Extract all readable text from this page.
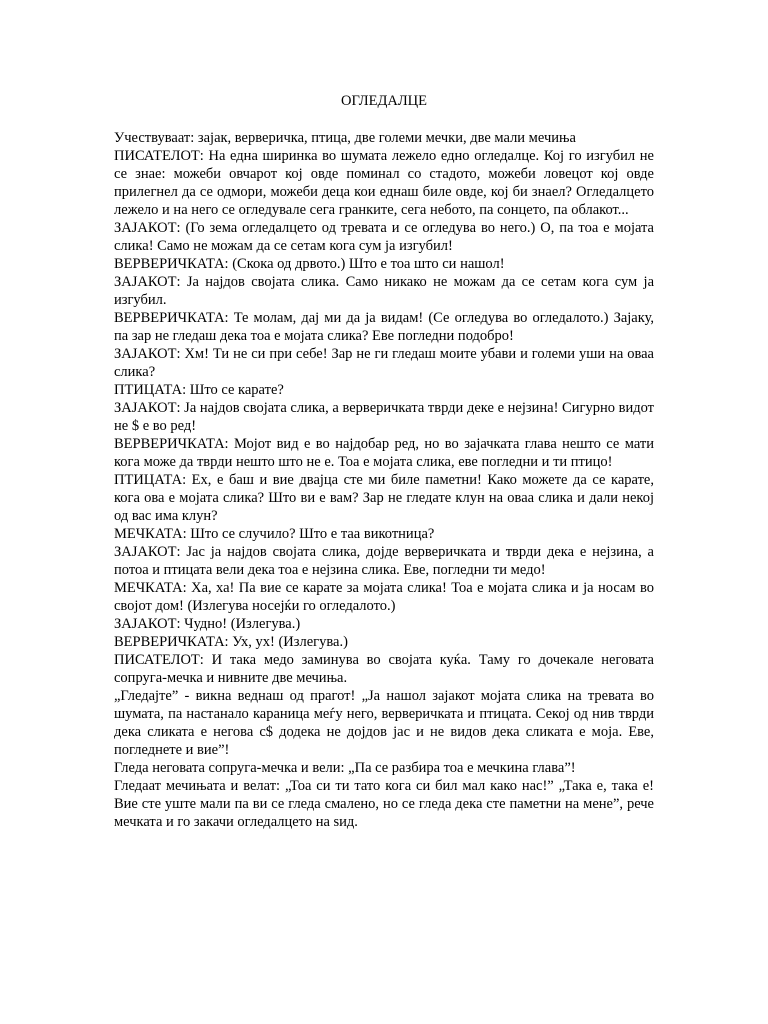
ОГЛЕДАЛЦЕ

Учествуваат: зајак, верверичка, птица, две големи мечки, две мали мечиња

ПИСАТЕЛОТ: На една ширинка во шумата лежело едно огледалце. Кој го изгубил не се знае: можеби овчарот кој овде поминал со стадото, можеби ловецот кој овде прилегнел да се одмори, можеби деца кои еднаш биле овде, кој би знаел? Огледалцето лежело и на него се огледувале сега гранките, сега небото, па сонцето, па облакот...

ЗАЈАКОТ: (Го зема огледалцето од тревата и се огледува во него.) О, па тоа е мојата слика! Само не можам да се сетам кога сум ја изгубил!

ВЕРВЕРИЧКАТА: (Скока од дрвото.) Што е тоа што си нашол!

ЗАЈАКОТ: Ја најдов својата слика. Само никако не можам да се сетам кога сум ја изгубил.

ВЕРВЕРИЧКАТА: Те молам, дај ми да ја видам! (Се огледува во огледалото.) Зајаку, па зар не гледаш дека тоа е мојата слика? Еве погледни подобро!

ЗАЈАКОТ: Хм! Ти не си при себе! Зар не ги гледаш моите убави и големи уши на оваа слика?

ПТИЦАТА: Што се карате?

ЗАЈАКОТ: Ја најдов својата слика, а верверичката тврди деке е нејзина! Сигурно видот не $ е во ред!

ВЕРВЕРИЧКАТА: Мојот вид е во најдобар ред, но во зајачката глава нешто се мати кога може да тврди нешто што не е. Тоа е мојата слика, еве погледни и ти птицо!

ПТИЦАТА: Ех, е баш и вие двајца сте ми биле паметни! Како можете да се карате, кога ова е мојата слика? Што ви е вам? Зар не гледате клун на оваа слика и дали некој од вас има клун?

МЕЧКАТА: Што се случило? Што е таа викотница?

ЗАЈАКОТ: Јас ја најдов својата слика, дојде верверичката и тврди дека е нејзина, а потоа и птицата вели дека тоа е нејзина слика. Еве, погледни ти медо!

МЕЧКАТА: Ха, ха! Па вие се карате за мојата слика! Тоа е мојата слика и ја носам во својот дом! (Излегува носејќи го огледалото.)

ЗАЈАКОТ: Чудно! (Излегува.)

ВЕРВЕРИЧКАТА: Ух, ух! (Излегува.)

ПИСАТЕЛОТ: И така медо заминува во својата куќа. Таму го дочекале неговата сопруга-мечка и нивните две мечиња.

„Гледајте” - викна веднаш од прагот! „Ја нашол зајакот мојата слика на тревата во шумата, па настанало караница меѓу него, верверичката и птицата. Секој од нив тврди дека сликата е негова с$ додека не дојдов јас и не видов дека сликата е моја. Еве, погледнете и вие”!

Гледа неговата сопруга-мечка и вели: „Па се разбира тоа е мечкина глава”!

Гледаат мечињата и велат: „Тоа си ти тато кога си бил мал како нас!” „Така е, така е! Вие сте уште мали па ви се гледа смалено, но се гледа дека сте паметни на мене”, рече мечката и го закачи огледалцето на ѕид.
